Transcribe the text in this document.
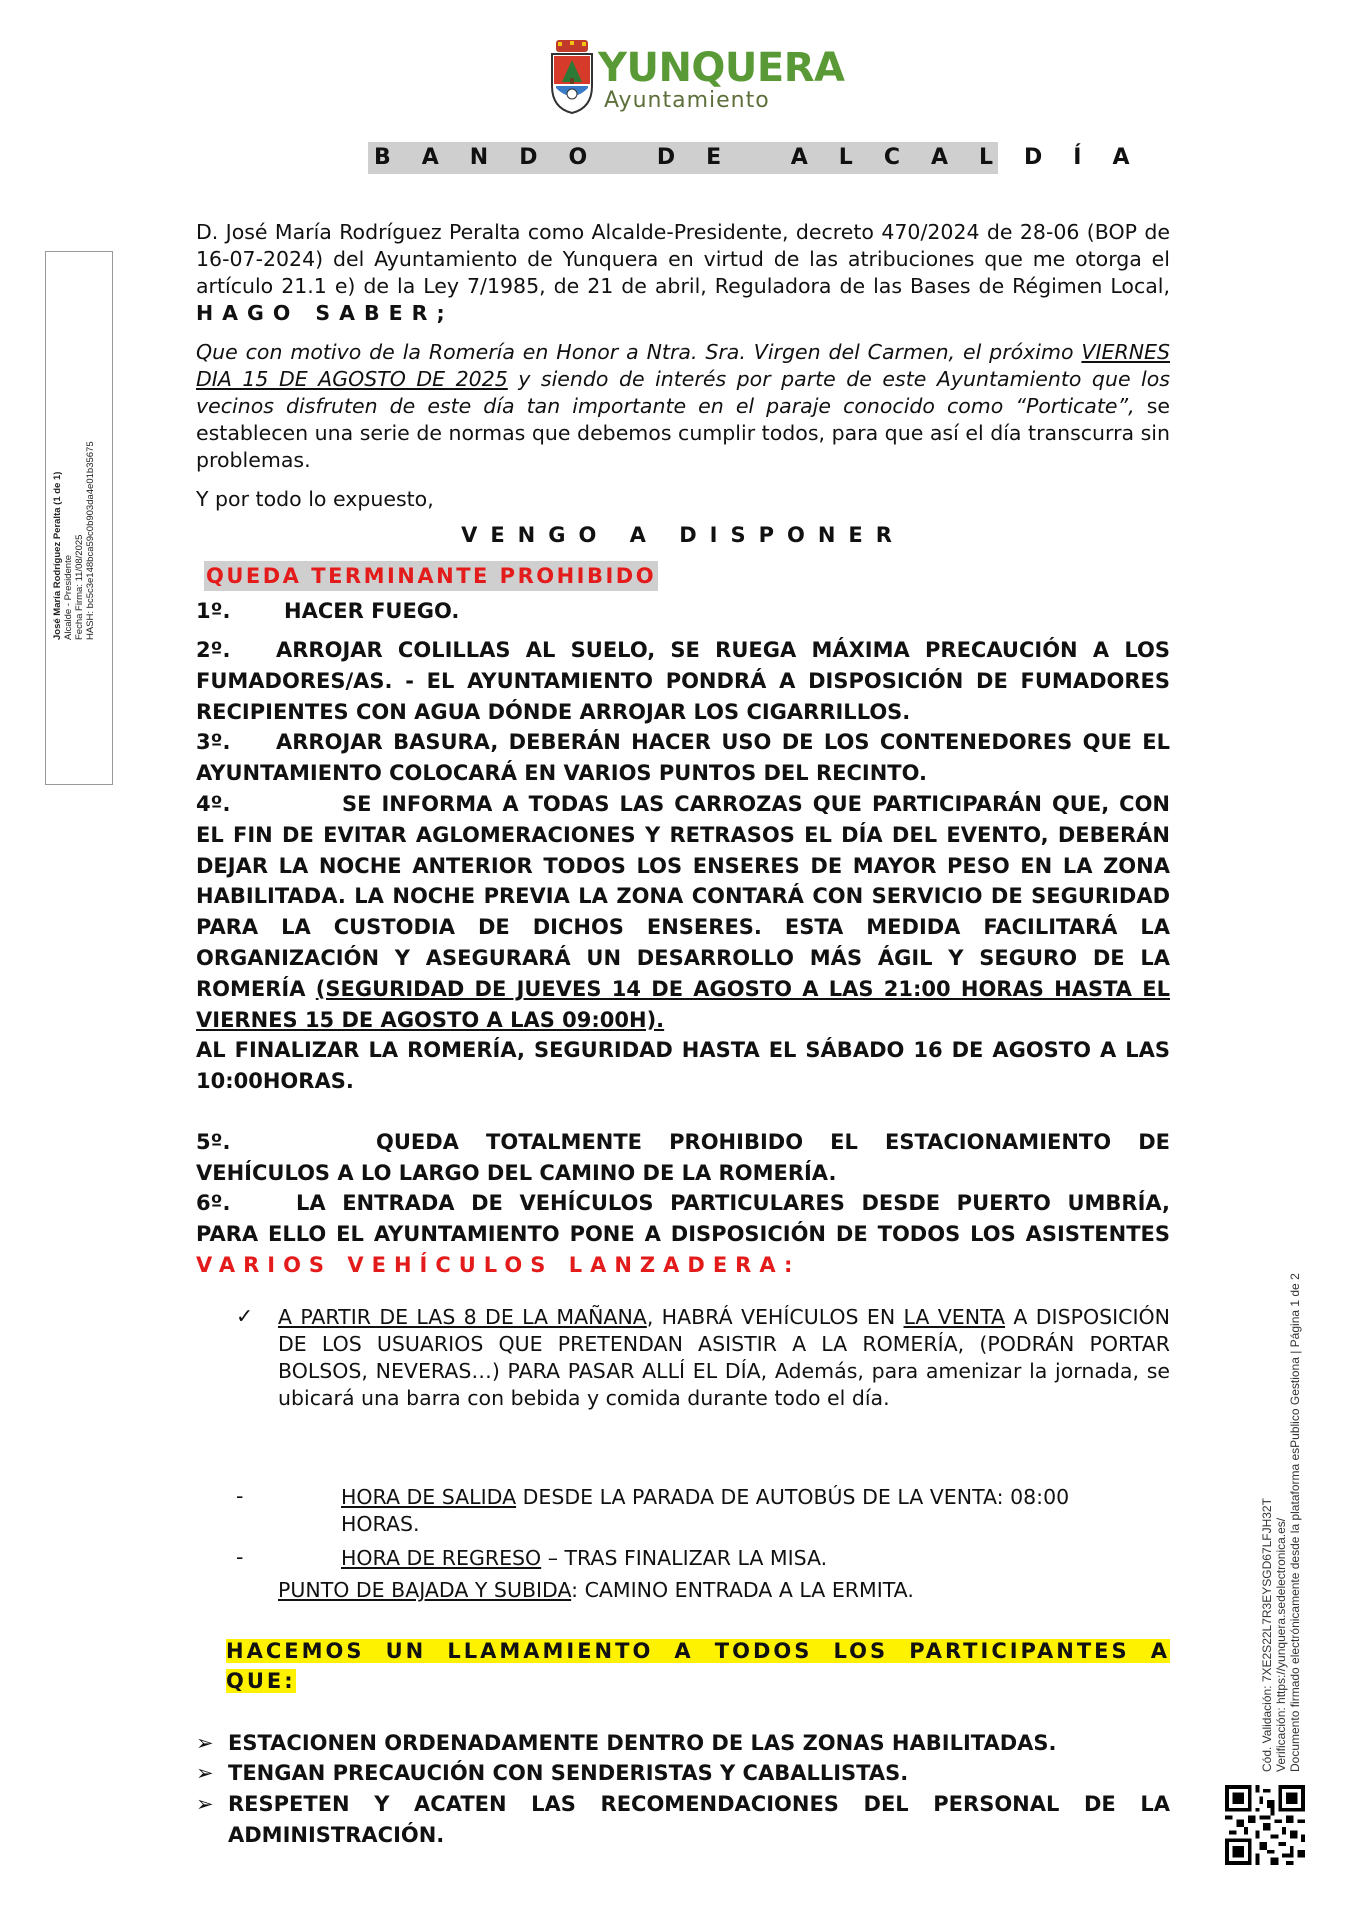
YUNQUERA
Ayuntamiento
BANDO DE ALCALDÍA
José María Rodríguez Peralta (1 de 1) Alcalde - Presidente Fecha Firma: 11/08/2025 HASH: bc5c3e148bca59c0b903da4e01b35675
Cód. Validación: 7XE2S22L7R3EYSGD67LFJH32T Verificación: https://yunquera.sedelectronica.es/ Documento firmado electrónicamente desde la plataforma esPublico Gestiona | Página 1 de 2
D. José María Rodríguez Peralta como Alcalde-Presidente, decreto 470/2024 de 28-06 (BOP de 16-07-2024) del Ayuntamiento de Yunquera en virtud de las atribuciones que me otorga el artículo 21.1 e) de la Ley 7/1985, de 21 de abril, Reguladora de las Bases de Régimen Local, HAGO SABER;
Que con motivo de la Romería en Honor a Ntra. Sra. Virgen del Carmen, el próximo VIERNES DIA 15 DE AGOSTO DE 2025 y siendo de interés por parte de este Ayuntamiento que los vecinos disfruten de este día tan importante en el paraje conocido como “Porticate”, se establecen una serie de normas que debemos cumplir todos, para que así el día transcurra sin problemas.
Y por todo lo expuesto,
VENGO A DISPONER
QUEDA TERMINANTE PROHIBIDO
1º.	HACER FUEGO.
2º. ARROJAR COLILLAS AL SUELO, SE RUEGA MÁXIMA PRECAUCIÓN A LOS FUMADORES/AS. - EL AYUNTAMIENTO PONDRÁ A DISPOSICIÓN DE FUMADORES RECIPIENTES CON AGUA DÓNDE ARROJAR LOS CIGARRILLOS.
3º. ARROJAR BASURA, DEBERÁN HACER USO DE LOS CONTENEDORES QUE EL AYUNTAMIENTO COLOCARÁ EN VARIOS PUNTOS DEL RECINTO.
4º.	SE INFORMA A TODAS LAS CARROZAS QUE PARTICIPARÁN QUE, CON EL FIN DE EVITAR AGLOMERACIONES Y RETRASOS EL DÍA DEL EVENTO, DEBERÁN DEJAR LA NOCHE ANTERIOR TODOS LOS ENSERES DE MAYOR PESO EN LA ZONA HABILITADA. LA NOCHE PREVIA LA ZONA CONTARÁ CON SERVICIO DE SEGURIDAD PARA LA CUSTODIA DE DICHOS ENSERES. ESTA MEDIDA FACILITARÁ LA ORGANIZACIÓN Y ASEGURARÁ UN DESARROLLO MÁS ÁGIL Y SEGURO DE LA ROMERÍA (SEGURIDAD DE JUEVES 14 DE AGOSTO A LAS 21:00 HORAS HASTA EL VIERNES 15 DE AGOSTO A LAS 09:00H).
AL FINALIZAR LA ROMERÍA, SEGURIDAD HASTA EL SÁBADO 16 DE AGOSTO A LAS 10:00HORAS.
5º.	QUEDA TOTALMENTE PROHIBIDO EL ESTACIONAMIENTO DE VEHÍCULOS A LO LARGO DEL CAMINO DE LA ROMERÍA.
6º.	LA ENTRADA DE VEHÍCULOS PARTICULARES DESDE PUERTO UMBRÍA, PARA ELLO EL AYUNTAMIENTO PONE A DISPOSICIÓN DE TODOS LOS ASISTENTES VARIOS VEHÍCULOS LANZADERA:
✓ A PARTIR DE LAS 8 DE LA MAÑANA, HABRÁ VEHÍCULOS EN LA VENTA A DISPOSICIÓN DE LOS USUARIOS QUE PRETENDAN ASISTIR A LA ROMERÍA, (PODRÁN PORTAR BOLSOS, NEVERAS…) PARA PASAR ALLÍ EL DÍA, Además, para amenizar la jornada, se ubicará una barra con bebida y comida durante todo el día.
-	HORA DE SALIDA DESDE LA PARADA DE AUTOBÚS DE LA VENTA: 08:00
HORAS.
-	HORA DE REGRESO – TRAS FINALIZAR LA MISA.
PUNTO DE BAJADA Y SUBIDA: CAMINO ENTRADA A LA ERMITA.
HACEMOS UN LLAMAMIENTO A TODOS LOS PARTICIPANTES A QUE:
➢ ESTACIONEN ORDENADAMENTE DENTRO DE LAS ZONAS HABILITADAS.
➢ TENGAN PRECAUCIÓN CON SENDERISTAS Y CABALLISTAS.
➢ RESPETEN Y ACATEN LAS RECOMENDACIONES DEL PERSONAL DE LA ADMINISTRACIÓN.
